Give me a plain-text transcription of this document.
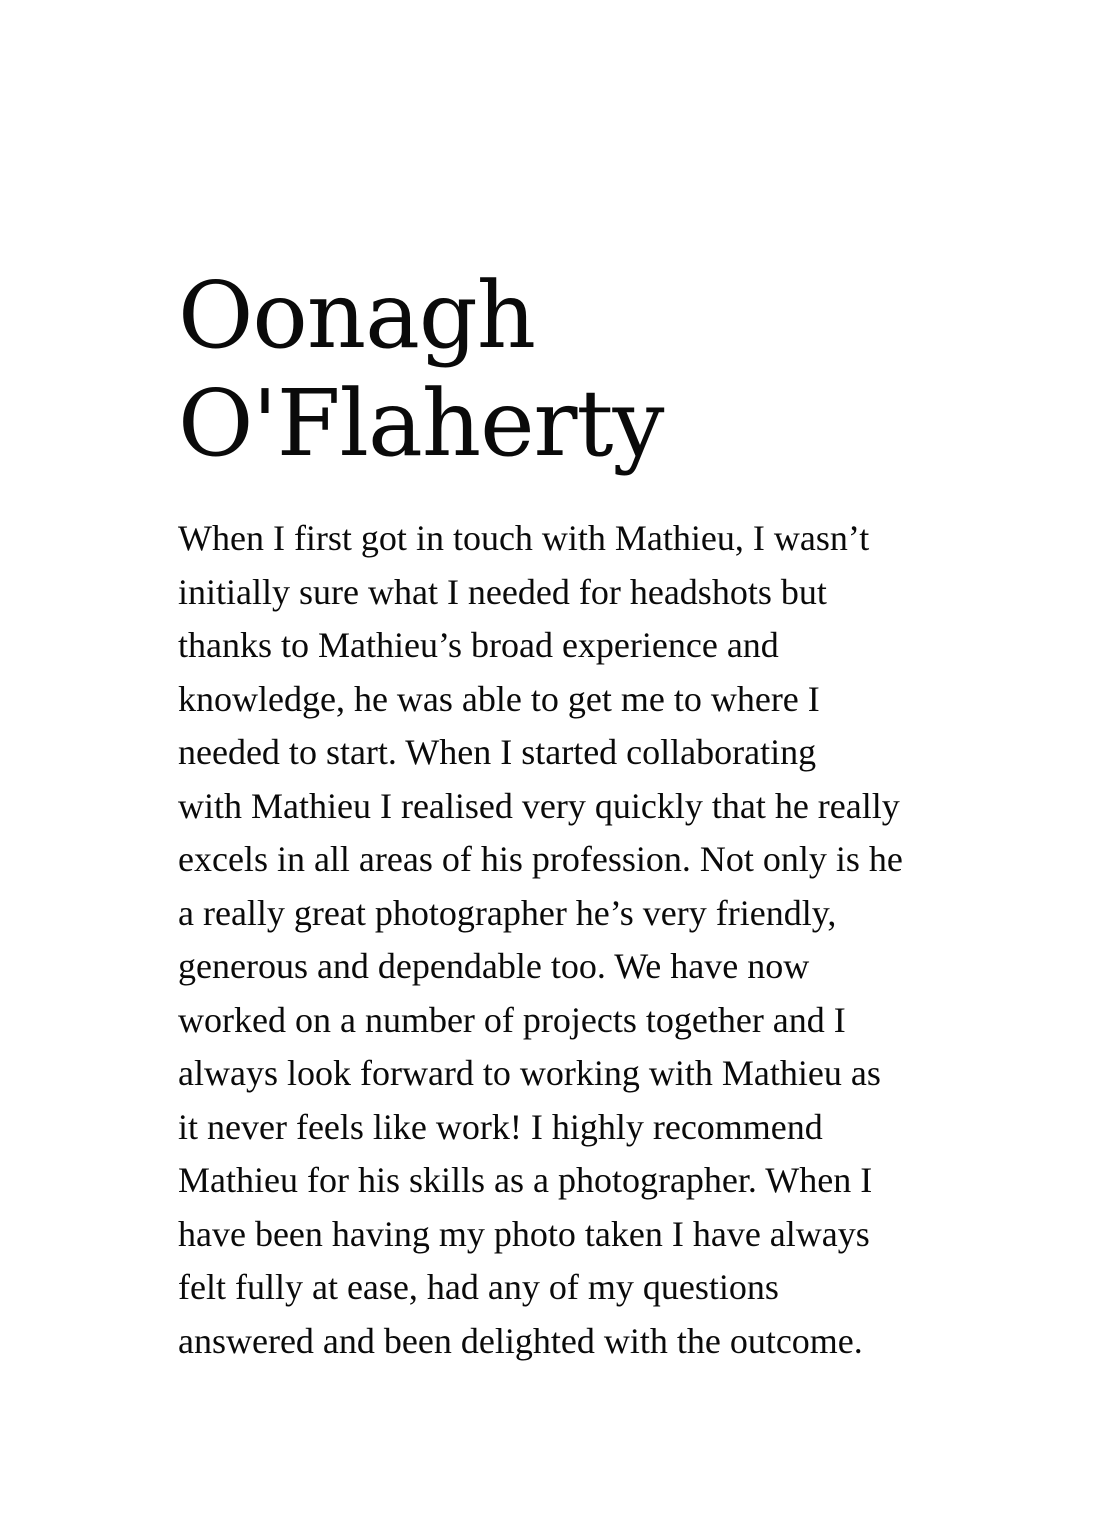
Oonagh
O'Flaherty

When I first got in touch with Mathieu, I wasn’t
initially sure what I needed for headshots but
thanks to Mathieu’s broad experience and
knowledge, he was able to get me to where I
needed to start. When I started collaborating
with Mathieu I realised very quickly that he really
excels in all areas of his profession. Not only is he
a really great photographer he’s very friendly,
generous and dependable too. We have now
worked on a number of projects together and I
always look forward to working with Mathieu as
it never feels like work! I highly recommend
Mathieu for his skills as a photographer. When I
have been having my photo taken I have always
felt fully at ease, had any of my questions
answered and been delighted with the outcome.
